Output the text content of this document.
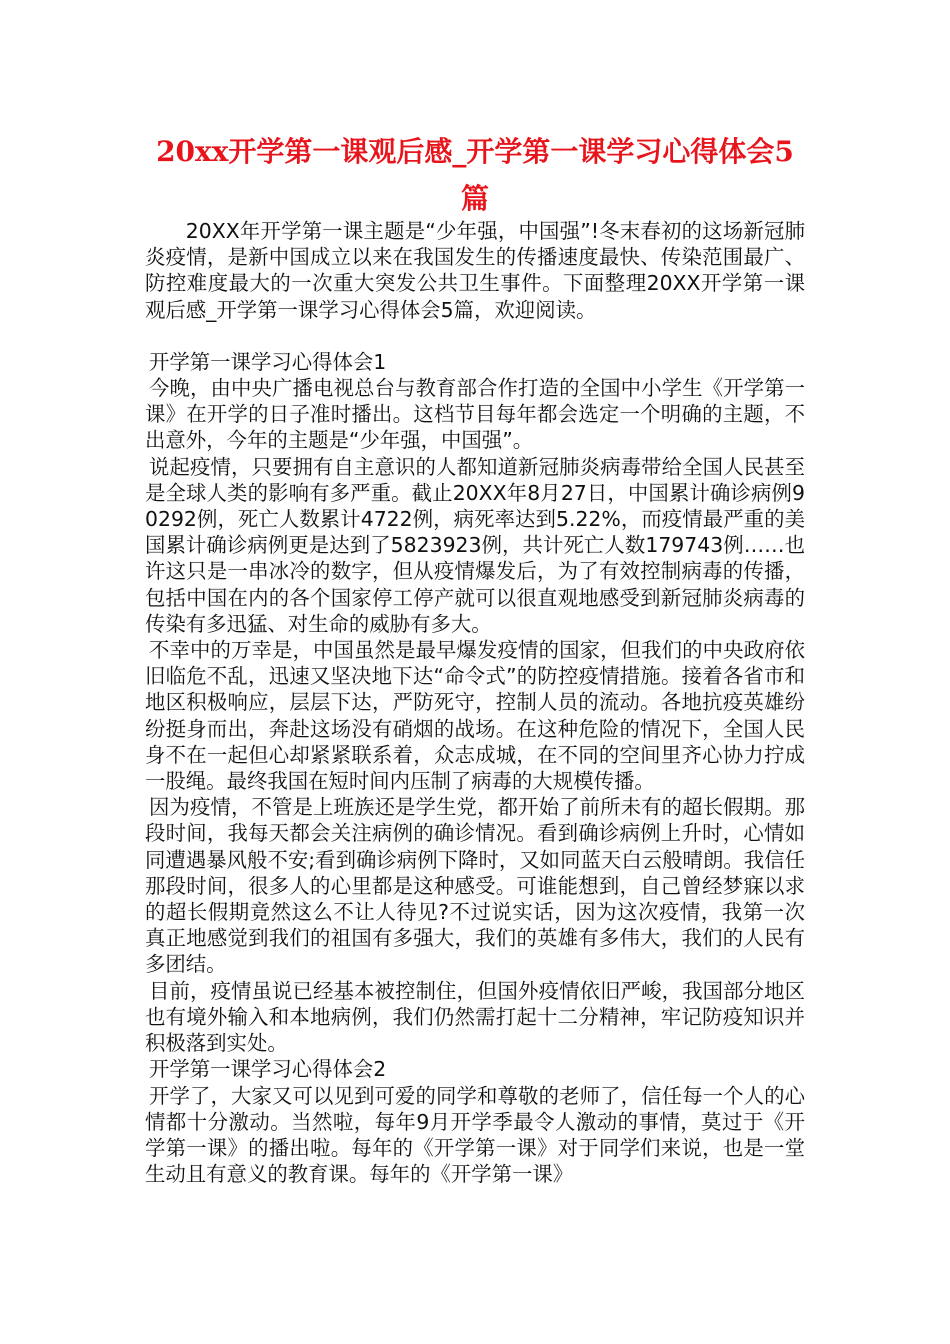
20xx开学第一课观后感_开学第一课学习心得体会5篇

20XX年开学第一课主题是“少年强，中国强”!冬末春初的这场新冠肺炎疫情，是新中国成立以来在我国发生的传播速度最快、传染范围最广、防控难度最大的一次重大突发公共卫生事件。下面整理20XX开学第一课观后感_开学第一课学习心得体会5篇，欢迎阅读。

开学第一课学习心得体会1

今晚，由中央广播电视总台与教育部合作打造的全国中小学生《开学第一课》在开学的日子准时播出。这档节目每年都会选定一个明确的主题，不出意外，今年的主题是“少年强，中国强”。

说起疫情，只要拥有自主意识的人都知道新冠肺炎病毒带给全国人民甚至是全球人类的影响有多严重。截止20XX年8月27日，中国累计确诊病例90292例，死亡人数累计4722例，病死率达到5.22%，而疫情最严重的美国累计确诊病例更是达到了5823923例，共计死亡人数179743例……也许这只是一串冰冷的数字，但从疫情爆发后，为了有效控制病毒的传播，包括中国在内的各个国家停工停产就可以很直观地感受到新冠肺炎病毒的传染有多迅猛、对生命的威胁有多大。

不幸中的万幸是，中国虽然是最早爆发疫情的国家，但我们的中央政府依旧临危不乱，迅速又坚决地下达“命令式”的防控疫情措施。接着各省市和地区积极响应，层层下达，严防死守，控制人员的流动。各地抗疫英雄纷纷挺身而出，奔赴这场没有硝烟的战场。在这种危险的情况下，全国人民身不在一起但心却紧紧联系着，众志成城，在不同的空间里齐心协力拧成一股绳。最终我国在短时间内压制了病毒的大规模传播。

因为疫情，不管是上班族还是学生党，都开始了前所未有的超长假期。那段时间，我每天都会关注病例的确诊情况。看到确诊病例上升时，心情如同遭遇暴风般不安;看到确诊病例下降时，又如同蓝天白云般晴朗。我信任那段时间，很多人的心里都是这种感受。可谁能想到，自己曾经梦寐以求的超长假期竟然这么不让人待见?不过说实话，因为这次疫情，我第一次真正地感觉到我们的祖国有多强大，我们的英雄有多伟大，我们的人民有多团结。

目前，疫情虽说已经基本被控制住，但国外疫情依旧严峻，我国部分地区也有境外输入和本地病例，我们仍然需打起十二分精神，牢记防疫知识并积极落到实处。

开学第一课学习心得体会2

开学了，大家又可以见到可爱的同学和尊敬的老师了，信任每一个人的心情都十分激动。当然啦，每年9月开学季最令人激动的事情，莫过于《开学第一课》的播出啦。每年的《开学第一课》对于同学们来说，也是一堂生动且有意义的教育课。每年的《开学第一课》
